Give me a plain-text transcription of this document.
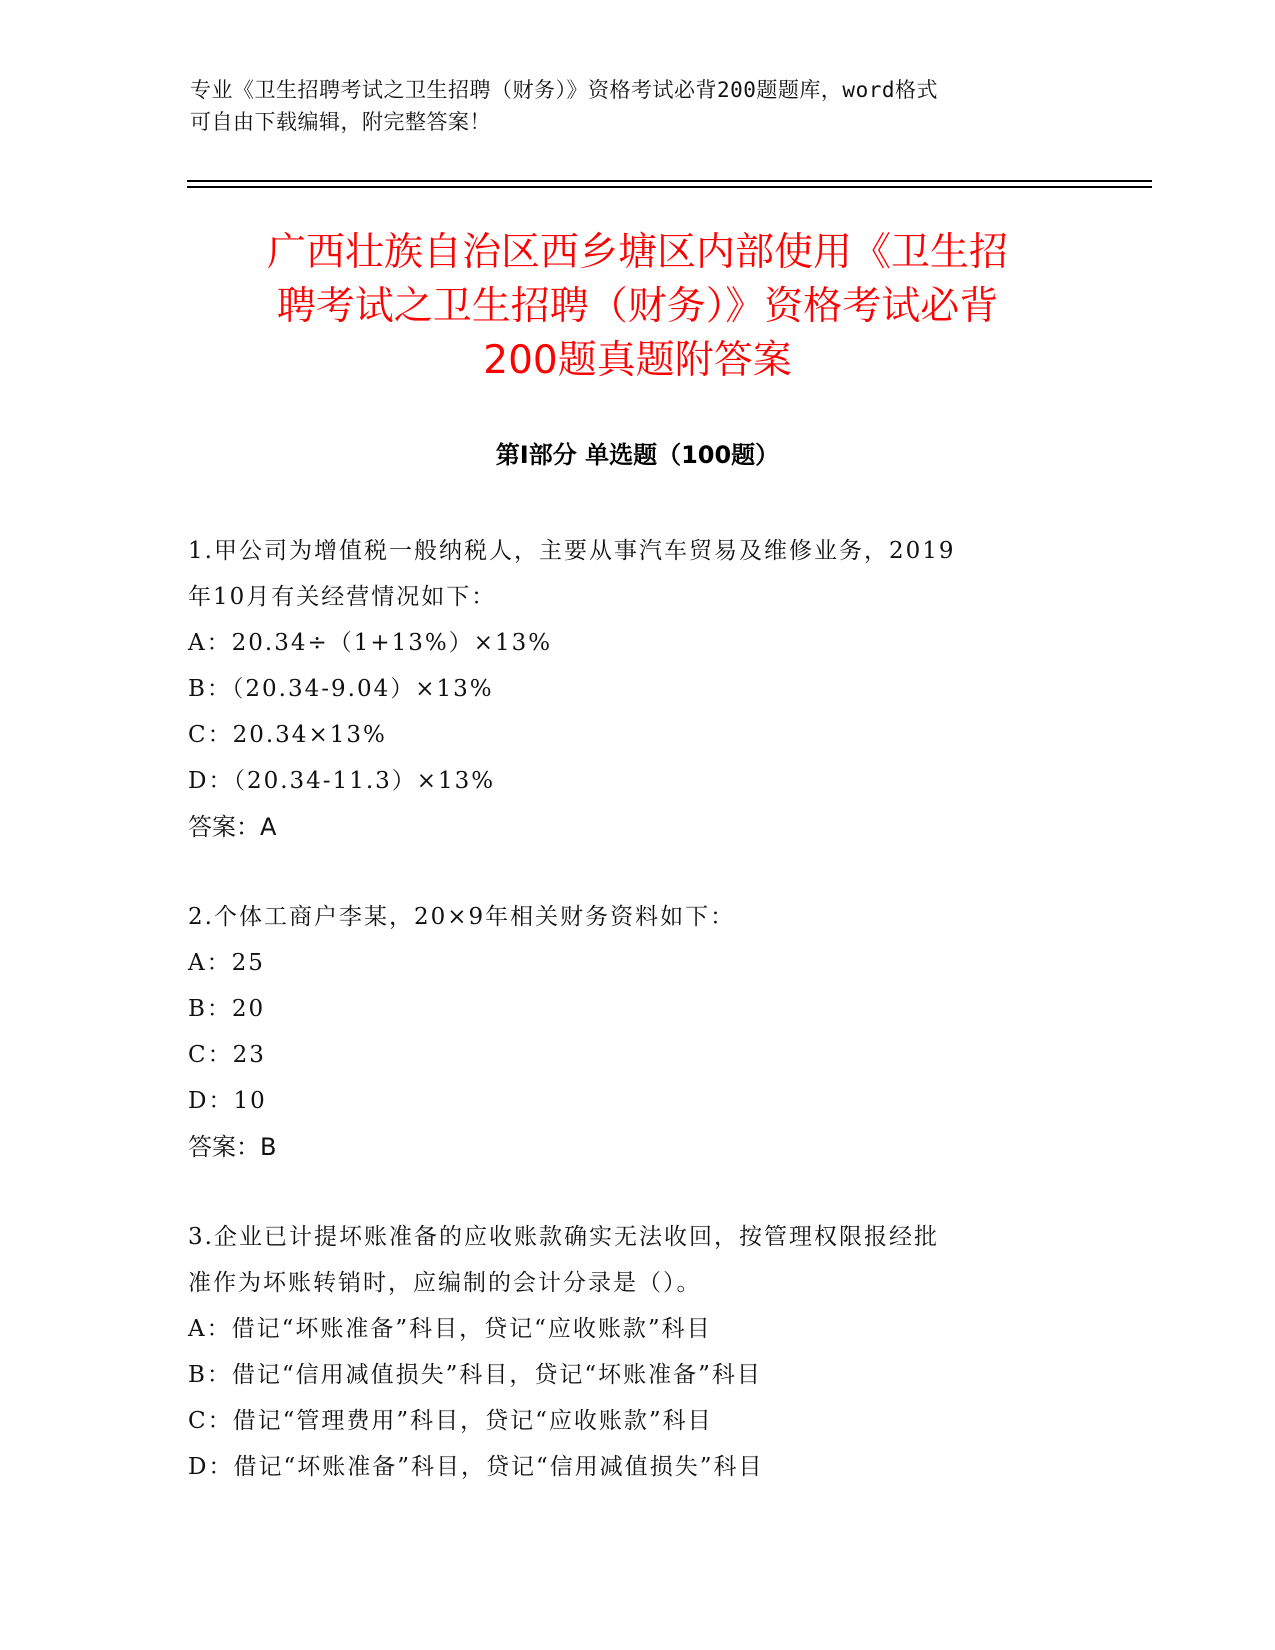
专业《卫生招聘考试之卫生招聘（财务）》资格考试必背200题题库，word格式
可自由下载编辑，附完整答案！
广西壮族自治区西乡塘区内部使用《卫生招
聘考试之卫生招聘（财务）》资格考试必背
200题真题附答案
第Ⅰ部分 单选题（100题）
1.甲公司为增值税一般纳税人，主要从事汽车贸易及维修业务，2019
年10月有关经营情况如下：
A：20.34÷（1+13%）×13%
B：（20.34-9.04）×13%
C：20.34×13%
D：（20.34-11.3）×13%
答案：A
2.个体工商户李某，20×9年相关财务资料如下：
A：25
B：20
C：23
D：10
答案：B
3.企业已计提坏账准备的应收账款确实无法收回，按管理权限报经批
准作为坏账转销时，应编制的会计分录是（）。
A：借记“坏账准备”科目，贷记“应收账款”科目
B：借记“信用减值损失”科目，贷记“坏账准备”科目
C：借记“管理费用”科目，贷记“应收账款”科目
D：借记“坏账准备”科目，贷记“信用减值损失”科目
